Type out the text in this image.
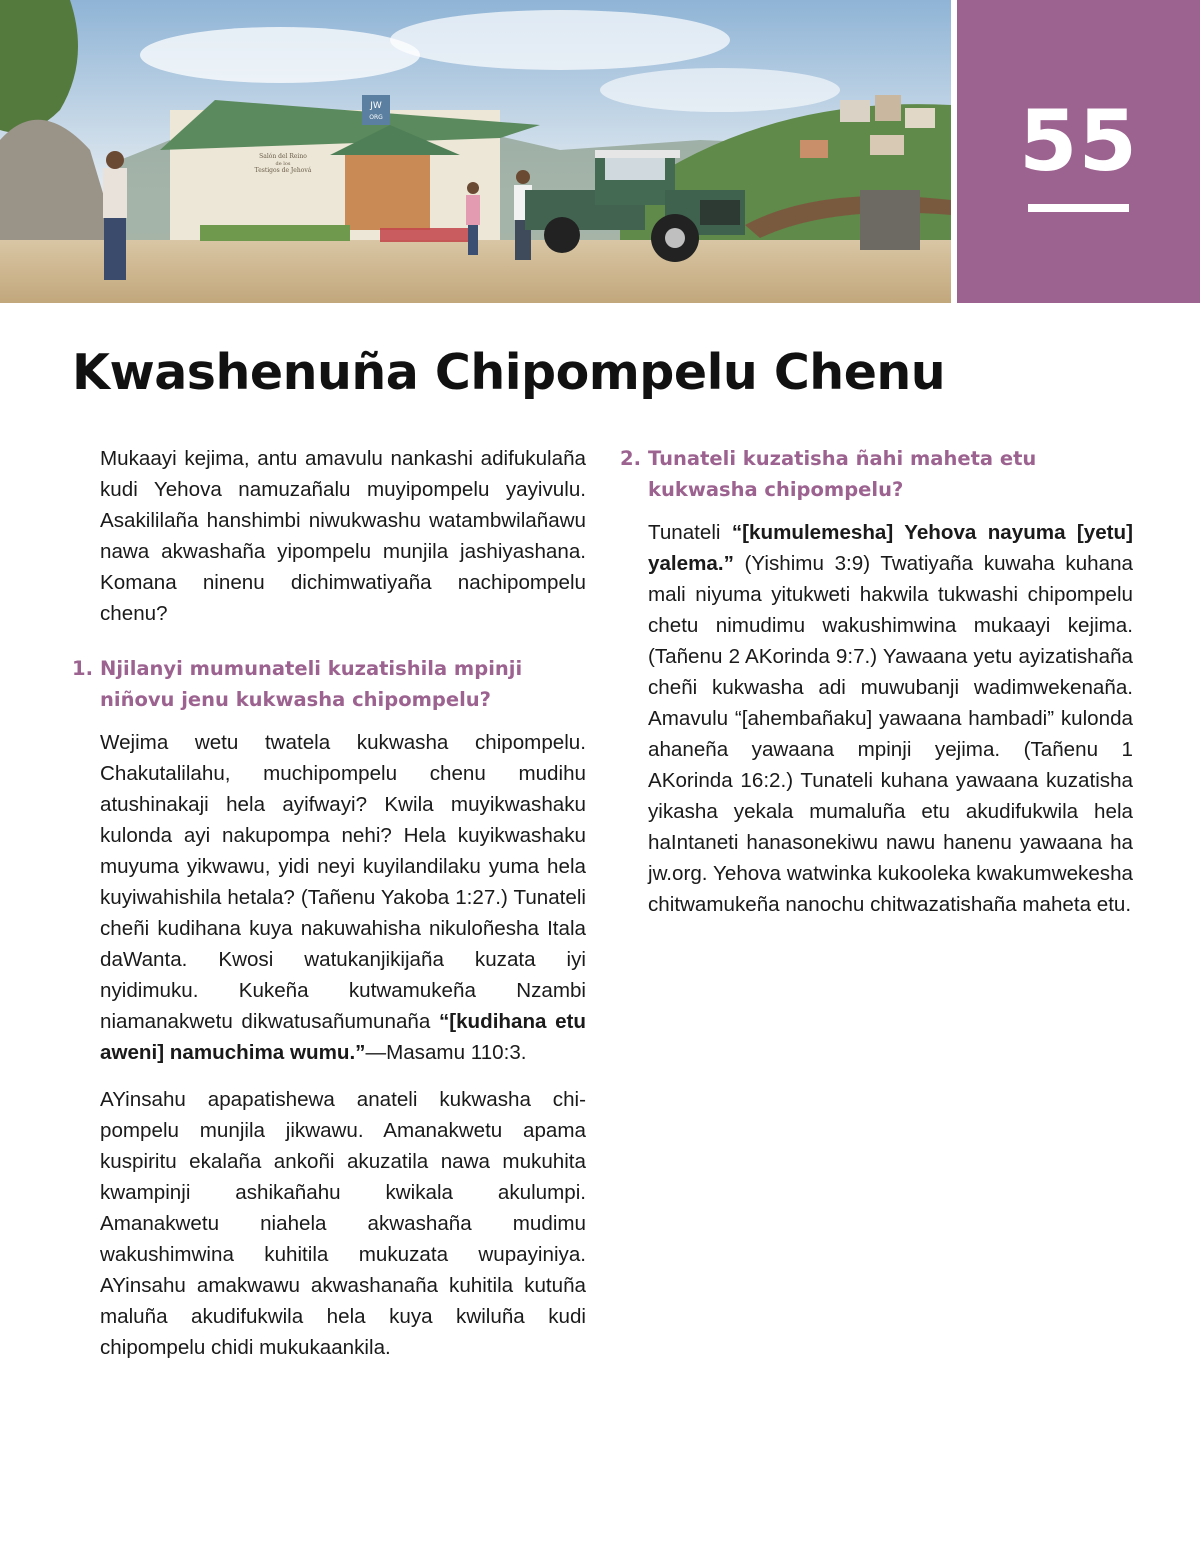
JW
ORG
Salón del Reino
de los
Testigos de Jehová	55
Kwashenuña Chipompelu Chenu

Mukaayi kejima, antu amavulu nankashi adifukulaña kudi Yehova namuzañalu muyipompelu yayivulu. Asakililaña hanshimbi niwukwashu watambwilañawu nawa akwashaña yipompelu munjila jashiyashana. Komana ninenu dichimwatiyaña nachipompelu chenu?

1. Njilanyi mumunateli kuzatishila mpinji niñovu jenu kukwasha chipompelu?

Wejima wetu twatela kukwasha chipompelu. Chakutalilahu, muchipompelu chenu mudihu atushinakaji hela ayifwayi? Kwila muyikwashaku kulonda ayi nakupompa nehi? Hela kuyikwashaku muyuma yikwawu, yidi neyi kuyilandilaku yuma hela kuyiwahishila hetala? (Tañenu Yakoba 1:27.) Tunateli cheñi kudihana kuya nakuwahisha nikuloñesha Itala daWanta. Kwosi watukanjikijaña kuzata iyi nyidimuku. Kukeña kutwamukeña Nzambi niamanakwetu dikwatusañumunaña “[kudihana etu aweni] namuchima wumu.”—Masamu 110:3.

AYinsahu apapatishewa anateli kukwasha chipompelu munjila jikwawu. Amanakwetu apama kuspiritu ekalaña ankoñi akuzatila nawa mukuhita kwampinji ashikañahu kwikala akulumpi. Amanakwetu niahela akwashaña mudimu wakushimwina kuhitila mukuzata wupayiniya. AYinsahu amakwawu akwashanaña kuhitila kutuña maluña akudifukwila hela kuya kwiluña kudi chipompelu chidi mukukaankila.

2. Tunateli kuzatisha ñahi maheta etu kukwasha chipompelu?

Tunateli “[kumulemesha] Yehova nayuma [yetu] yalema.” (Yishimu 3:9) Twatiyaña kuwaha kuhana mali niyuma yitukweti hakwila tukwashi chipompelu chetu nimudimu wakushimwina mukaayi kejima. (Tañenu 2 AKorinda 9:7.) Yawaana yetu ayizatishaña cheñi kukwasha adi muwubanji wadimwekenaña. Amavulu “[ahembañaku] yawaana hambadi” kulonda ahaneña yawaana mpinji yejima. (Tañenu 1 AKorinda 16:2.) Tunateli kuhana yawaana kuzatisha yikasha yekala mumaluña etu akudifukwila hela haIntaneti hanasonekiwu nawu hanenu yawaana ha jw.org. Yehova watwinka kukooleka kwakumwekesha chitwamukeña nanochu chitwazatishaña maheta etu.
